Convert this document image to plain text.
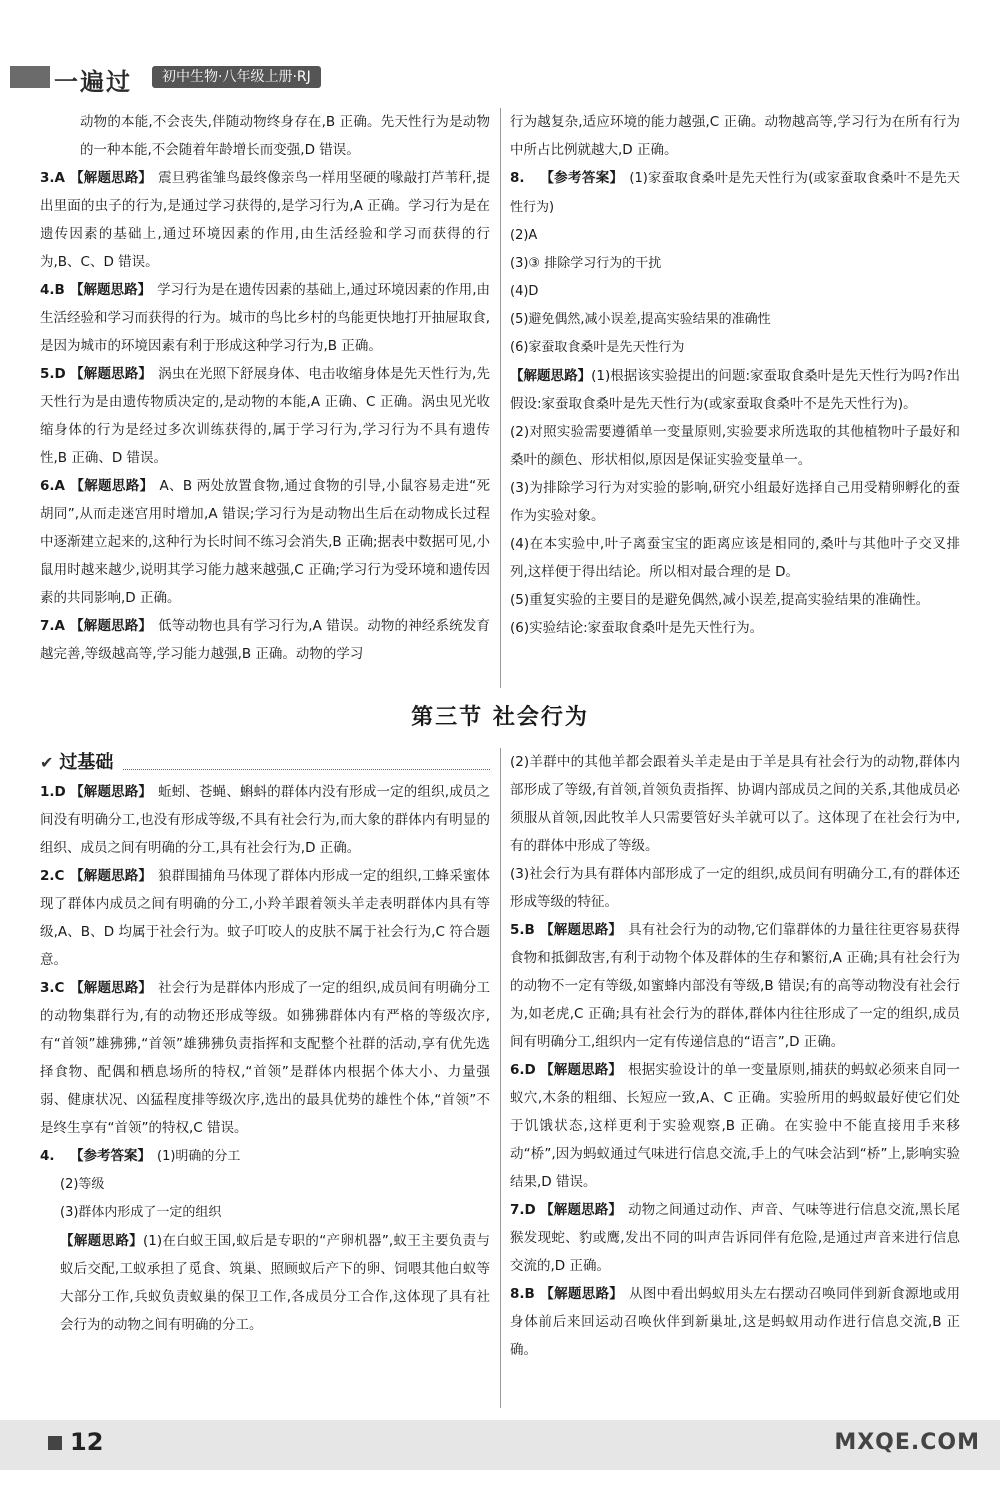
一遍过	初中生物·八年级上册·RJ
动物的本能,不会丧失,伴随动物终身存在,B 正确。先天性行为是动物的一种本能,不会随着年龄增长而变强,D 错误。
3.A 【解题思路】 震旦鸦雀雏鸟最终像亲鸟一样用坚硬的喙敲打芦苇秆,提出里面的虫子的行为,是通过学习获得的,是学习行为,A 正确。学习行为是在遗传因素的基础上,通过环境因素的作用,由生活经验和学习而获得的行为,B、C、D 错误。
4.B 【解题思路】 学习行为是在遗传因素的基础上,通过环境因素的作用,由生活经验和学习而获得的行为。城市的鸟比乡村的鸟能更快地打开抽屉取食,是因为城市的环境因素有利于形成这种学习行为,B 正确。
5.D 【解题思路】 涡虫在光照下舒展身体、电击收缩身体是先天性行为,先天性行为是由遗传物质决定的,是动物的本能,A 正确、C 正确。涡虫见光收缩身体的行为是经过多次训练获得的,属于学习行为,学习行为不具有遗传性,B 正确、D 错误。
6.A 【解题思路】 A、B 两处放置食物,通过食物的引导,小鼠容易走进“死胡同”,从而走迷宫用时增加,A 错误;学习行为是动物出生后在动物成长过程中逐渐建立起来的,这种行为长时间不练习会消失,B 正确;据表中数据可见,小鼠用时越来越少,说明其学习能力越来越强,C 正确;学习行为受环境和遗传因素的共同影响,D 正确。
7.A 【解题思路】 低等动物也具有学习行为,A 错误。动物的神经系统发育越完善,等级越高等,学习能力越强,B 正确。动物的学习
行为越复杂,适应环境的能力越强,C 正确。动物越高等,学习行为在所有行为中所占比例就越大,D 正确。
8. 【参考答案】 (1)家蚕取食桑叶是先天性行为(或家蚕取食桑叶不是先天性行为)
(2)A
(3)③ 排除学习行为的干扰
(4)D
(5)避免偶然,减小误差,提高实验结果的准确性
(6)家蚕取食桑叶是先天性行为
【解题思路】(1)根据该实验提出的问题:家蚕取食桑叶是先天性行为吗?作出假设:家蚕取食桑叶是先天性行为(或家蚕取食桑叶不是先天性行为)。
(2)对照实验需要遵循单一变量原则,实验要求所选取的其他植物叶子最好和桑叶的颜色、形状相似,原因是保证实验变量单一。
(3)为排除学习行为对实验的影响,研究小组最好选择自己用受精卵孵化的蚕作为实验对象。
(4)在本实验中,叶子离蚕宝宝的距离应该是相同的,桑叶与其他叶子交叉排列,这样便于得出结论。所以相对最合理的是 D。
(5)重复实验的主要目的是避免偶然,减小误差,提高实验结果的准确性。
(6)实验结论:家蚕取食桑叶是先天性行为。
第三节 社会行为
✔ 过基础
1.D 【解题思路】 蚯蚓、苍蝇、蝌蚪的群体内没有形成一定的组织,成员之间没有明确分工,也没有形成等级,不具有社会行为,而大象的群体内有明显的组织、成员之间有明确的分工,具有社会行为,D 正确。
2.C 【解题思路】 狼群围捕角马体现了群体内形成一定的组织,工蜂采蜜体现了群体内成员之间有明确的分工,小羚羊跟着领头羊走表明群体内具有等级,A、B、D 均属于社会行为。蚊子叮咬人的皮肤不属于社会行为,C 符合题意。
3.C 【解题思路】 社会行为是群体内形成了一定的组织,成员间有明确分工的动物集群行为,有的动物还形成等级。如狒狒群体内有严格的等级次序,有“首领”雄狒狒,“首领”雄狒狒负责指挥和支配整个社群的活动,享有优先选择食物、配偶和栖息场所的特权,“首领”是群体内根据个体大小、力量强弱、健康状况、凶猛程度排等级次序,选出的最具优势的雄性个体,“首领”不是终生享有“首领”的特权,C 错误。
4. 【参考答案】 (1)明确的分工
(2)等级
(3)群体内形成了一定的组织
【解题思路】(1)在白蚁王国,蚁后是专职的“产卵机器”,蚁王主要负责与蚁后交配,工蚁承担了觅食、筑巢、照顾蚁后产下的卵、饲喂其他白蚁等大部分工作,兵蚁负责蚁巢的保卫工作,各成员分工合作,这体现了具有社会行为的动物之间有明确的分工。
(2)羊群中的其他羊都会跟着头羊走是由于羊是具有社会行为的动物,群体内部形成了等级,有首领,首领负责指挥、协调内部成员之间的关系,其他成员必须服从首领,因此牧羊人只需要管好头羊就可以了。这体现了在社会行为中,有的群体中形成了等级。
(3)社会行为具有群体内部形成了一定的组织,成员间有明确分工,有的群体还形成等级的特征。
5.B 【解题思路】 具有社会行为的动物,它们靠群体的力量往往更容易获得食物和抵御敌害,有利于动物个体及群体的生存和繁衍,A 正确;具有社会行为的动物不一定有等级,如蜜蜂内部没有等级,B 错误;有的高等动物没有社会行为,如老虎,C 正确;具有社会行为的群体,群体内往往形成了一定的组织,成员间有明确分工,组织内一定有传递信息的“语言”,D 正确。
6.D 【解题思路】 根据实验设计的单一变量原则,捕获的蚂蚁必须来自同一蚁穴,木条的粗细、长短应一致,A、C 正确。实验所用的蚂蚁最好使它们处于饥饿状态,这样更利于实验观察,B 正确。在实验中不能直接用手来移动“桥”,因为蚂蚁通过气味进行信息交流,手上的气味会沾到“桥”上,影响实验结果,D 错误。
7.D 【解题思路】 动物之间通过动作、声音、气味等进行信息交流,黑长尾猴发现蛇、豹或鹰,发出不同的叫声告诉同伴有危险,是通过声音来进行信息交流的,D 正确。
8.B 【解题思路】 从图中看出蚂蚁用头左右摆动召唤同伴到新食源地或用身体前后来回运动召唤伙伴到新巢址,这是蚂蚁用动作进行信息交流,B 正确。
12	MXQE.COM
